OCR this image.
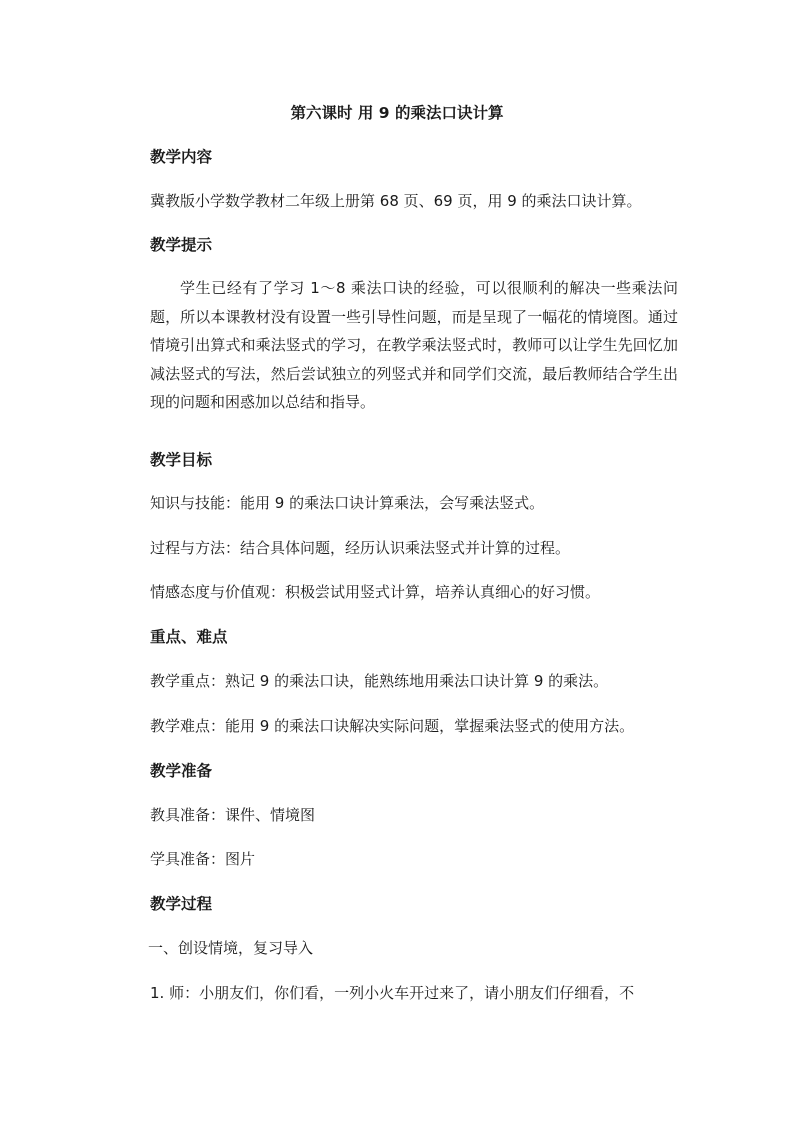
第六课时 用 9 的乘法口诀计算

教学内容

冀教版小学数学教材二年级上册第 68 页、69 页，用 9 的乘法口诀计算。

教学提示

学生已经有了学习 1～8 乘法口诀的经验，可以很顺利的解决一些乘法问题，所以本课教材没有设置一些引导性问题，而是呈现了一幅花的情境图。通过情境引出算式和乘法竖式的学习，在教学乘法竖式时，教师可以让学生先回忆加减法竖式的写法，然后尝试独立的列竖式并和同学们交流，最后教师结合学生出现的问题和困惑加以总结和指导。

教学目标

知识与技能：能用 9 的乘法口诀计算乘法，会写乘法竖式。

过程与方法：结合具体问题，经历认识乘法竖式并计算的过程。

情感态度与价值观：积极尝试用竖式计算，培养认真细心的好习惯。

重点、难点

教学重点：熟记 9 的乘法口诀，能熟练地用乘法口诀计算 9 的乘法。

教学难点：能用 9 的乘法口诀解决实际问题，掌握乘法竖式的使用方法。

教学准备

教具准备：课件、情境图

学具准备：图片

教学过程

一、创设情境，复习导入

1. 师：小朋友们，你们看，一列小火车开过来了，请小朋友们仔细看，不
